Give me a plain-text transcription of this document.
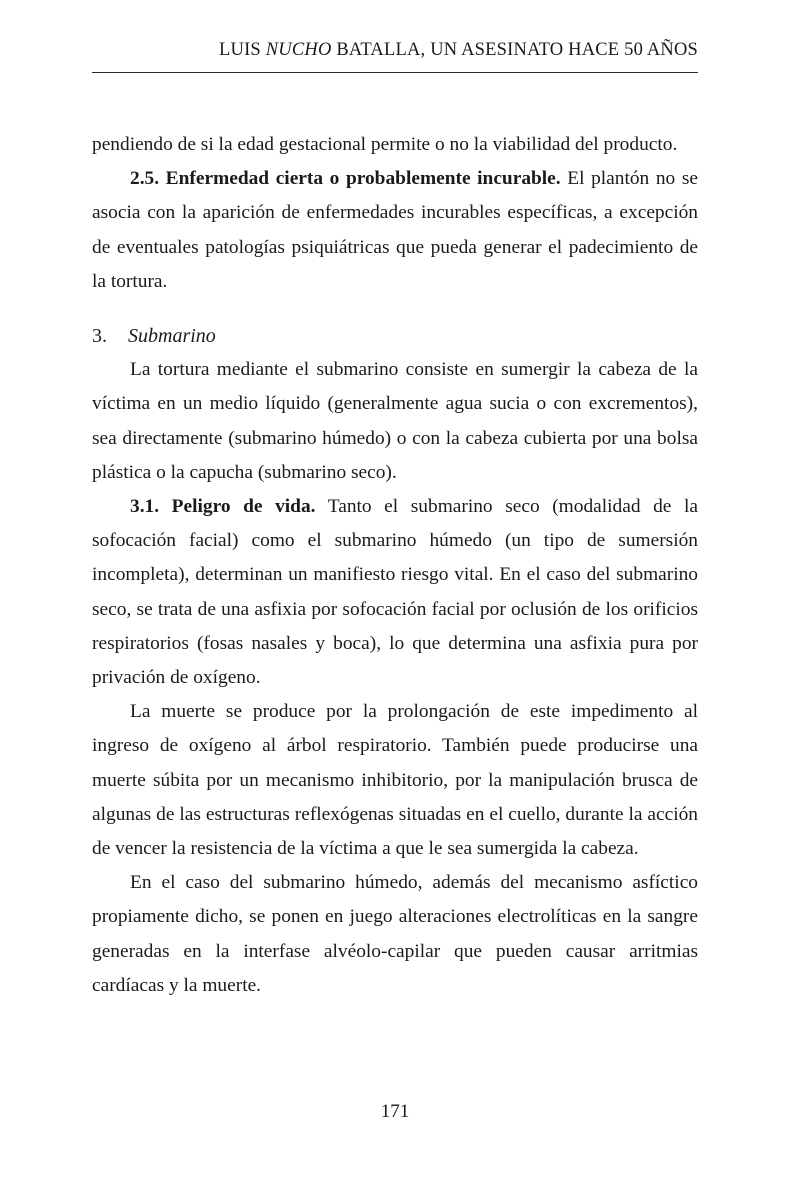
LUIS NUCHO BATALLA, UN ASESINATO HACE 50 AÑOS

pendiendo de si la edad gestacional permite o no la viabilidad del producto.

2.5. Enfermedad cierta o probablemente incurable. El plantón no se asocia con la aparición de enfermedades incurables específicas, a excepción de eventuales patologías psiquiátricas que pueda generar el padecimiento de la tortura.

3. Submarino

La tortura mediante el submarino consiste en sumergir la cabeza de la víctima en un medio líquido (generalmente agua sucia o con excrementos), sea directamente (submarino húmedo) o con la cabeza cubierta por una bolsa plástica o la capucha (submarino seco).

3.1. Peligro de vida. Tanto el submarino seco (modalidad de la sofocación facial) como el submarino húmedo (un tipo de sumersión incompleta), determinan un manifiesto riesgo vital. En el caso del submarino seco, se trata de una asfixia por sofocación facial por oclusión de los orificios respiratorios (fosas nasales y boca), lo que determina una asfixia pura por privación de oxígeno.

La muerte se produce por la prolongación de este impedimento al ingreso de oxígeno al árbol respiratorio. También puede producirse una muerte súbita por un mecanismo inhibitorio, por la manipulación brusca de algunas de las estructuras reflexógenas situadas en el cuello, durante la acción de vencer la resistencia de la víctima a que le sea sumergida la cabeza.

En el caso del submarino húmedo, además del mecanismo asfíctico propiamente dicho, se ponen en juego alteraciones electrolíticas en la sangre generadas en la interfase alvéolo-capilar que pueden causar arritmias cardíacas y la muerte.

171
